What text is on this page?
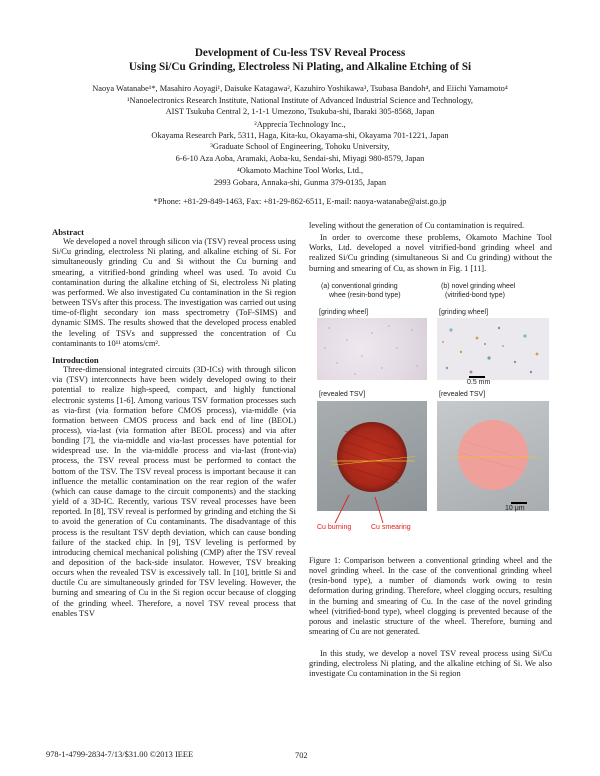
Development of Cu-less TSV Reveal Process
Using Si/Cu Grinding, Electroless Ni Plating, and Alkaline Etching of Si
Naoya Watanabe¹*, Masahiro Aoyagi¹, Daisuke Katagawa², Kazuhiro Yoshikawa³, Tsubasa Bandoh⁴, and Eiichi Yamamoto⁴
¹Nanoelectronics Research Institute, National Institute of Advanced Industrial Science and Technology,
AIST Tsukuba Central 2, 1-1-1 Umezono, Tsukuba-shi, Ibaraki 305-8568, Japan
²Apprecia Technology Inc.,
Okayama Research Park, 5311, Haga, Kita-ku, Okayama-shi, Okayama 701-1221, Japan
³Graduate School of Engineering, Tohoku University,
6-6-10 Aza Aoba, Aramaki, Aoba-ku, Sendai-shi, Miyagi 980-8579, Japan
⁴Okamoto Machine Tool Works, Ltd.,
2993 Gobara, Annaka-shi, Gunma 379-0135, Japan
*Phone: +81-29-849-1463, Fax: +81-29-862-6511, E-mail: naoya-watanabe@aist.go.jp

Abstract

We developed a novel through silicon via (TSV) reveal process using Si/Cu grinding, electroless Ni plating, and alkaline etching of Si. For simultaneously grinding Cu and Si without the Cu burning and smearing, a vitrified-bond grinding wheel was used. To avoid Cu contamination during the alkaline etching of Si, electroless Ni plating was performed. We also investigated Cu contamination in the Si region between TSVs after this process. The investigation was carried out using time-of-flight secondary ion mass spectrometry (ToF-SIMS) and dynamic SIMS. The results showed that the developed process enabled the leveling of TSVs and suppressed the concentration of Cu contaminants to 10¹¹ atoms/cm².

Introduction

Three-dimensional integrated circuits (3D-ICs) with through silicon via (TSV) interconnects have been widely developed owing to their potential to realize high-speed, compact, and highly functional electronic systems [1-6]. Among various TSV formation processes such as via-first (via formation before CMOS process), via-middle (via formation between CMOS process and back end of line (BEOL) process), via-last (via formation after BEOL process) and via after bonding [7], the via-middle and via-last processes have potential for widespread use. In the via-middle process and via-last (front-via) process, the TSV reveal process must be performed to contact the bottom of the TSV. The TSV reveal process is important because it can influence the metallic contamination on the rear region of the wafer (which can cause damage to the circuit components) and the stacking yield of a 3D-IC. Recently, various TSV reveal processes have been reported. In [8], TSV reveal is performed by grinding and etching the Si to avoid the generation of Cu contaminants. The disadvantage of this process is the resultant TSV depth deviation, which can cause bonding failure of the stacked chip. In [9], TSV leveling is performed by introducing chemical mechanical polishing (CMP) after the TSV reveal and deposition of the back-side insulator. However, TSV breaking occurs when the revealed TSV is excessively tall. In [10], brittle Si and ductile Cu are simultaneously grinded for TSV leveling. However, the burning and smearing of Cu in the Si region occur because of clogging of the grinding wheel. Therefore, a novel TSV reveal process that enables TSV

leveling without the generation of Cu contamination is required.

In order to overcome these problems, Okamoto Machine Tool Works, Ltd. developed a novel vitrified-bond grinding wheel and realized Si/Cu grinding (simultaneous Si and Cu grinding) without the burning and smearing of Cu, as shown in Fig. 1 [11].

(a) conventional grinding
whee (resin-bond type)
(b) novel grinding wheel
(vitrified-bond type)
[grinding wheel]	[grinding wheel]
0.5 mm
[revealed TSV]	[revealed TSV]
10 μm
Cu burning	Cu smearing
Figure 1: Comparison between a conventional grinding wheel and the novel grinding wheel. In the case of the conventional grinding wheel (resin-bond type), a number of diamonds work owing to resin deformation during grinding. Therefore, wheel clogging occurs, resulting in the burning and smearing of Cu. In the case of the novel grinding wheel (vitrified-bond type), wheel clogging is prevented because of the porous and inelastic structure of the wheel. Therefore, burning and smearing of Cu are not generated.

In this study, we develop a novel TSV reveal process using Si/Cu grinding, electroless Ni plating, and the alkaline etching of Si. We also investigate Cu contamination in the Si region

978-1-4799-2834-7/13/$31.00 ©2013 IEEE	702
